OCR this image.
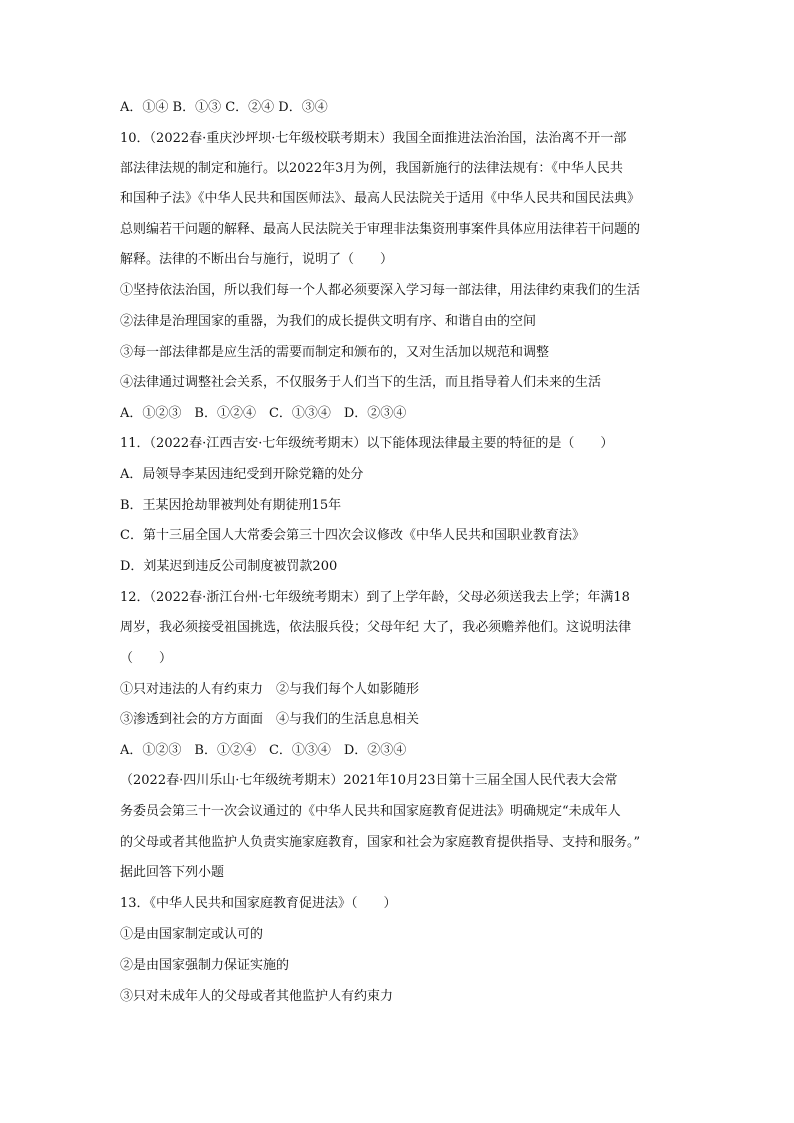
A．①④ B．①③ C．②④ D．③④
10．（2022春·重庆沙坪坝·七年级校联考期末）我国全面推进法治治国，法治离不开一部
部法律法规的制定和施行。以2022年3月为例，我国新施行的法律法规有：《中华人民共
和国种子法》《中华人民共和国医师法》、最高人民法院关于适用《中华人民共和国民法典》
总则编若干问题的解释、最高人民法院关于审理非法集资刑事案件具体应用法律若干问题的
解释。法律的不断出台与施行，说明了（　　）
①坚持依法治国，所以我们每一个人都必须要深入学习每一部法律，用法律约束我们的生活
②法律是治理国家的重器，为我们的成长提供文明有序、和谐自由的空间
③每一部法律都是应生活的需要而制定和颁布的，又对生活加以规范和调整
④法律通过调整社会关系，不仅服务于人们当下的生活，而且指导着人们未来的生活
A．①②③　B．①②④　C．①③④　D．②③④
11．（2022春·江西吉安·七年级统考期末）以下能体现法律最主要的特征的是（　　）
A．局领导李某因违纪受到开除党籍的处分
B．王某因抢劫罪被判处有期徒刑15年
C．第十三届全国人大常委会第三十四次会议修改《中华人民共和国职业教育法》
D．刘某迟到违反公司制度被罚款200
12．（2022春·浙江台州·七年级统考期末）到了上学年龄，父母必须送我去上学；年满18
周岁，我必须接受祖国挑选，依法服兵役；父母年纪 大了，我必须赡养他们。这说明法律
（　　）
①只对违法的人有约束力　②与我们每个人如影随形
③渗透到社会的方方面面　④与我们的生活息息相关
A．①②③　B．①②④　C．①③④　D．②③④
（2022春·四川乐山·七年级统考期末）2021年10月23日第十三届全国人民代表大会常
务委员会第三十一次会议通过的《中华人民共和国家庭教育促进法》明确规定“未成年人
的父母或者其他监护人负责实施家庭教育，国家和社会为家庭教育提供指导、支持和服务。”
据此回答下列小题
13．《中华人民共和国家庭教育促进法》（　　）
①是由国家制定或认可的
②是由国家强制力保证实施的
③只对未成年人的父母或者其他监护人有约束力
